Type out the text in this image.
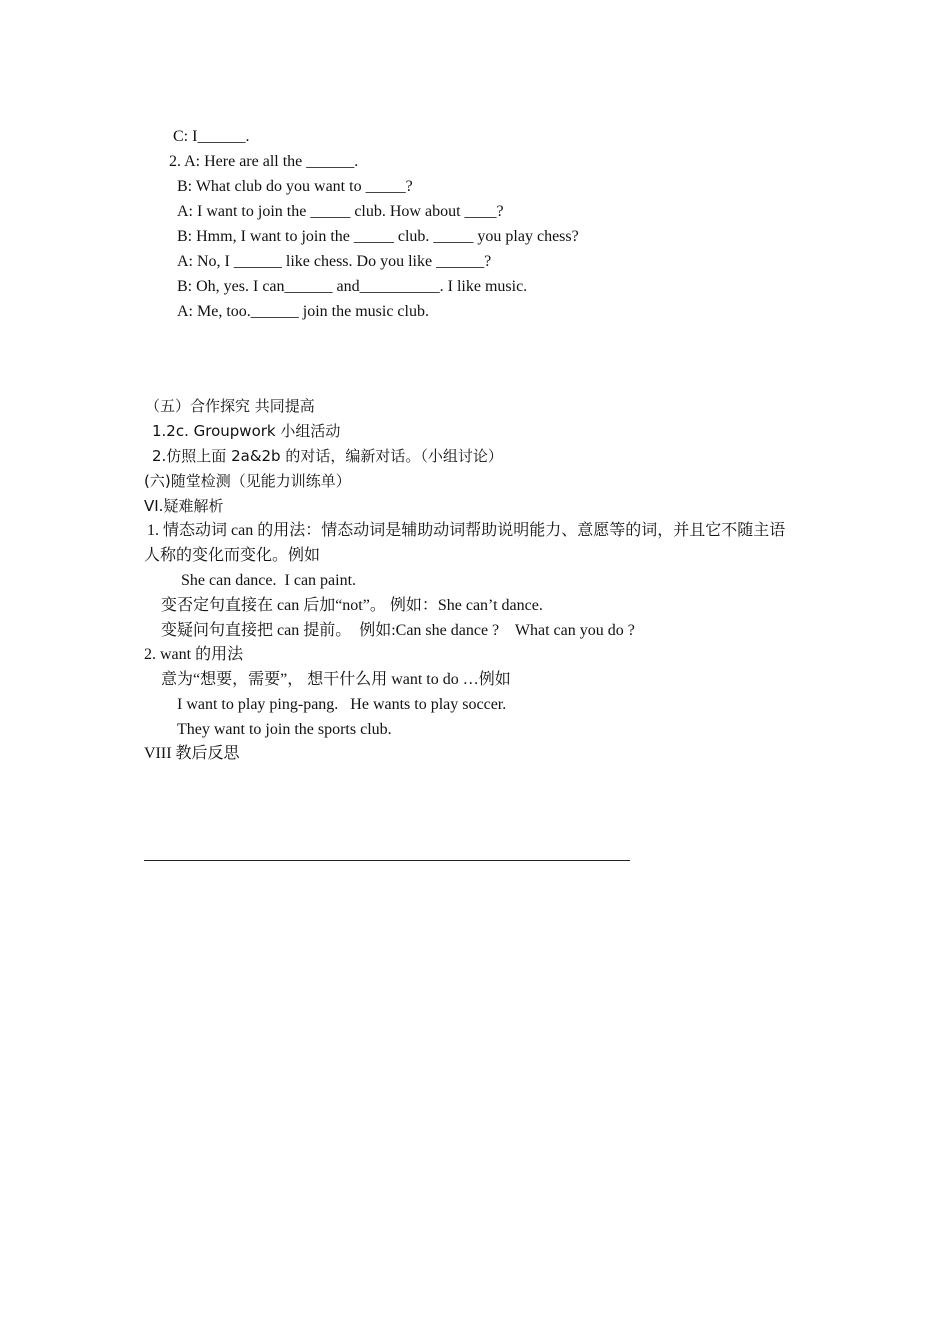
C: I______.
2. A: Here are all the ______.
B: What club do you want to _____?
A: I want to join the _____ club. How about ____?
B: Hmm, I want to join the _____ club. _____ you play chess?
A: No, I ______ like chess. Do you like ______?
B: Oh, yes. I can______ and__________. I like music.
A: Me, too.______ join the music club.
（五）合作探究 共同提高
1.2c. Groupwork 小组活动
2.仿照上面 2a&2b 的对话，编新对话。（小组讨论）
(六)随堂检测（见能力训练单）
VI.疑难解析
1. 情态动词 can 的用法：情态动词是辅助动词帮助说明能力、意愿等的词，并且它不随主语
人称的变化而变化。例如
She can dance.  I can paint.
变否定句直接在 can 后加“not”。 例如：She can’t dance.
变疑问句直接把 can 提前。  例如:Can she dance ?    What can you do ?
2. want 的用法
意为“想要，需要”， 想干什么用 want to do …例如
I want to play ping-pang.   He wants to play soccer.
They want to join the sports club.
VIII 教后反思
